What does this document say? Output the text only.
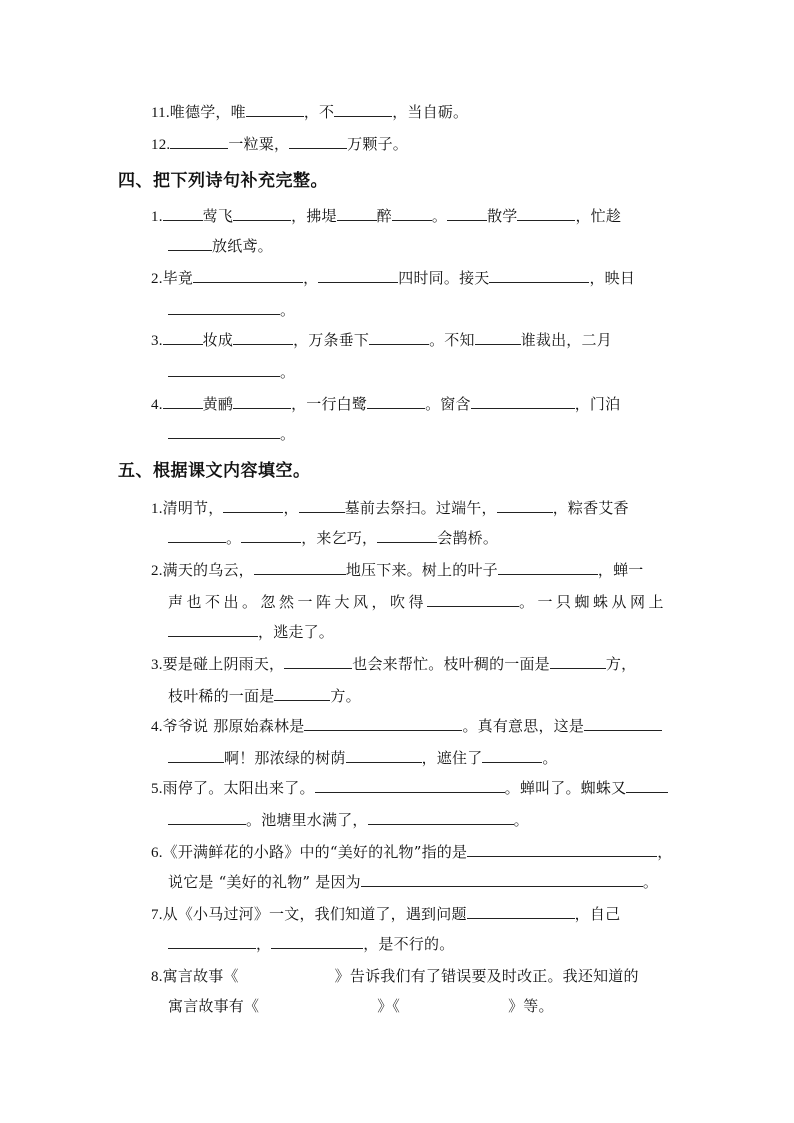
11.唯德学，唯	，不	，当自砺。

12.	一粒粟，	万颗子。

四、把下列诗句补充完整。

1.	莺飞	，拂堤	醉	。	散学	，忙趁

放纸鸢。

2.毕竟	，	四时同。接天	，映日

。

3.	妆成	，万条垂下	。不知	谁裁出，二月

。

4.	黄鹂	，一行白鹭	。窗含	，门泊

。

五、根据课文内容填空。

1.清明节，	，	墓前去祭扫。过端午，	，粽香艾香

。	，来乞巧，	会鹊桥。

2.满天的乌云，	地压下来。树上的叶子	，蝉一

声也不出。忽然一阵大风，吹得	。一只蜘蛛从网上

，逃走了。

3.要是碰上阴雨天，	也会来帮忙。枝叶稠的一面是	方，

枝叶稀的一面是	方。

4.爷爷说 那原始森林是	。真有意思，这是

啊！那浓绿的树荫	，遮住了	。

5.雨停了。太阳出来了。	。蝉叫了。蜘蛛又

。池塘里水满了，	。

6.《开满鲜花的小路》中的“美好的礼物”指的是	，

说它是 “美好的礼物” 是因为	。

7.从《小马过河》一文，我们知道了，遇到问题	，自己

，	，是不行的。

8.寓言故事《	》告诉我们有了错误要及时改正。我还知道的

寓言故事有《	》《	》等。
